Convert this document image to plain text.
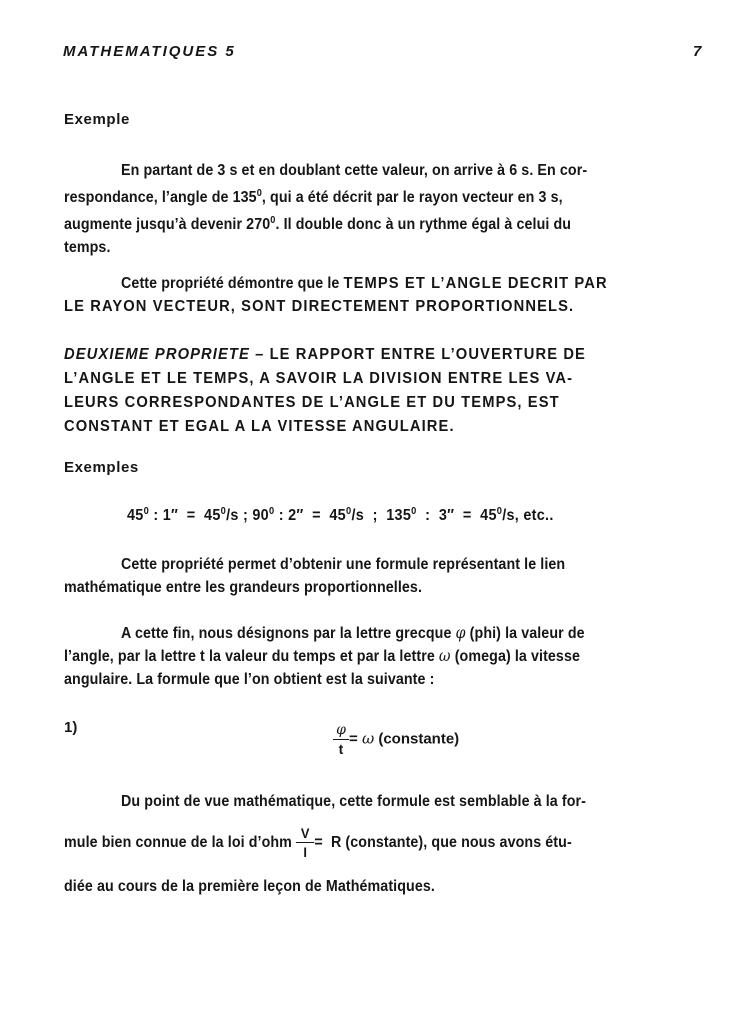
MATHEMATIQUES 5	7
Exemple
En partant de 3 s et en doublant cette valeur, on arrive à 6 s. En cor-
respondance, l’angle de $135^0$, qui a été décrit par le rayon vecteur en 3 s,
augmente jusqu’à devenir $270^0$. Il double donc à un rythme égal à celui du
temps.
Cette propriété démontre que le TEMPS ET L’ANGLE DECRIT PAR
LE RAYON VECTEUR, SONT DIRECTEMENT PROPORTIONNELS.
DEUXIEME PROPRIETE – LE RAPPORT ENTRE L’OUVERTURE DE
L’ANGLE ET LE TEMPS, A SAVOIR LA DIVISION ENTRE LES VA-
LEURS CORRESPONDANTES DE L’ANGLE ET DU TEMPS, EST
CONSTANT ET EGAL A LA VITESSE ANGULAIRE.
Exemples
$45^0$ : $1'' = 45^0/s$ ; $90^0$ : $2'' = 45^0/s$  ;  $135^0$  :  $3'' = 45^0/s$, etc..
Cette propriété permet d’obtenir une formule représentant le lien
mathématique entre les grandeurs proportionnelles.
A cette fin, nous désignons par la lettre grecque φ (phi) la valeur de
l’angle, par la lettre t la valeur du temps et par la lettre ω (omega) la vitesse
angulaire. La formule que l’on obtient est la suivante :
1)	$\frac{\varphi}{t} = \omega$ (constante)
Du point de vue mathématique, cette formule est semblable à la for-
mule bien connue de la loi d’ohm $\frac{V}{I} = R$ (constante), que nous avons étu-
diée au cours de la première leçon de Mathématiques.
